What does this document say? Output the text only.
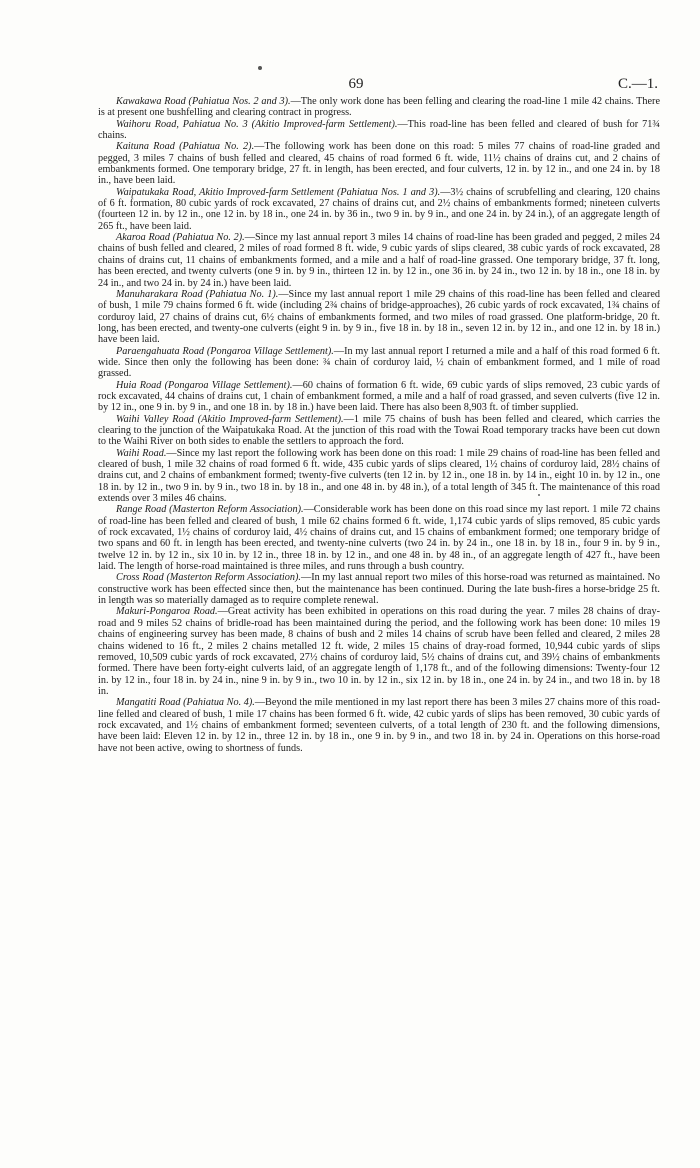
69	C.—1.

Kawakawa Road (Pahiatua Nos. 2 and 3).—The only work done has been felling and clearing the road-line 1 mile 42 chains. There is at present one bushfelling and clearing contract in progress.

Waihoru Road, Pahiatua No. 3 (Akitio Improved-farm Settlement).—This road-line has been felled and cleared of bush for 71¾ chains.

Kaituna Road (Pahiatua No. 2).—The following work has been done on this road: 5 miles 77 chains of road-line graded and pegged, 3 miles 7 chains of bush felled and cleared, 45 chains of road formed 6 ft. wide, 11½ chains of drains cut, and 2 chains of embankments formed. One temporary bridge, 27 ft. in length, has been erected, and four culverts, 12 in. by 12 in., and one 24 in. by 18 in., have been laid.

Waipatukaka Road, Akitio Improved-farm Settlement (Pahiatua Nos. 1 and 3).—3½ chains of scrubfelling and clearing, 120 chains of 6 ft. formation, 80 cubic yards of rock excavated, 27 chains of drains cut, and 2½ chains of embankments formed; nineteen culverts (fourteen 12 in. by 12 in., one 12 in. by 18 in., one 24 in. by 36 in., two 9 in. by 9 in., and one 24 in. by 24 in.), of an aggregate length of 265 ft., have been laid.

Akaroa Road (Pahiatua No. 2).—Since my last annual report 3 miles 14 chains of road-line has been graded and pegged, 2 miles 24 chains of bush felled and cleared, 2 miles of road formed 8 ft. wide, 9 cubic yards of slips cleared, 38 cubic yards of rock excavated, 28 chains of drains cut, 11 chains of embankments formed, and a mile and a half of road-line grassed. One temporary bridge, 37 ft. long, has been erected, and twenty culverts (one 9 in. by 9 in., thirteen 12 in. by 12 in., one 36 in. by 24 in., two 12 in. by 18 in., one 18 in. by 24 in., and two 24 in. by 24 in.) have been laid.

Manuharakara Road (Pahiatua No. 1).—Since my last annual report 1 mile 29 chains of this road-line has been felled and cleared of bush, 1 mile 79 chains formed 6 ft. wide (including 2¾ chains of bridge-approaches), 26 cubic yards of rock excavated, 1¾ chains of corduroy laid, 27 chains of drains cut, 6½ chains of embankments formed, and two miles of road grassed. One platform-bridge, 20 ft. long, has been erected, and twenty-one culverts (eight 9 in. by 9 in., five 18 in. by 18 in., seven 12 in. by 12 in., and one 12 in. by 18 in.) have been laid.

Paraengahuata Road (Pongaroa Village Settlement).—In my last annual report I returned a mile and a half of this road formed 6 ft. wide. Since then only the following has been done: ¾ chain of corduroy laid, ½ chain of embankment formed, and 1 mile of road grassed.

Huia Road (Pongaroa Village Settlement).—60 chains of formation 6 ft. wide, 69 cubic yards of slips removed, 23 cubic yards of rock excavated, 44 chains of drains cut, 1 chain of embankment formed, a mile and a half of road grassed, and seven culverts (five 12 in. by 12 in., one 9 in. by 9 in., and one 18 in. by 18 in.) have been laid. There has also been 8,903 ft. of timber supplied.

Waihi Valley Road (Akitio Improved-farm Settlement).—1 mile 75 chains of bush has been felled and cleared, which carries the clearing to the junction of the Waipatukaka Road. At the junction of this road with the Towai Road temporary tracks have been cut down to the Waihi River on both sides to enable the settlers to approach the ford.

Waihi Road.—Since my last report the following work has been done on this road: 1 mile 29 chains of road-line has been felled and cleared of bush, 1 mile 32 chains of road formed 6 ft. wide, 435 cubic yards of slips cleared, 1½ chains of corduroy laid, 28½ chains of drains cut, and 2 chains of embankment formed; twenty-five culverts (ten 12 in. by 12 in., one 18 in. by 14 in., eight 10 in. by 12 in., one 18 in. by 12 in., two 9 in. by 9 in., two 18 in. by 18 in., and one 48 in. by 48 in.), of a total length of 345 ft. The maintenance of this road extends over 3 miles 46 chains.

Range Road (Masterton Reform Association).—Considerable work has been done on this road since my last report. 1 mile 72 chains of road-line has been felled and cleared of bush, 1 mile 62 chains formed 6 ft. wide, 1,174 cubic yards of slips removed, 85 cubic yards of rock excavated, 1½ chains of corduroy laid, 4½ chains of drains cut, and 15 chains of embankment formed; one temporary bridge of two spans and 60 ft. in length has been erected, and twenty-nine culverts (two 24 in. by 24 in., one 18 in. by 18 in., four 9 in. by 9 in., twelve 12 in. by 12 in., six 10 in. by 12 in., three 18 in. by 12 in., and one 48 in. by 48 in., of an aggregate length of 427 ft., have been laid. The length of horse-road maintained is three miles, and runs through a bush country.

Cross Road (Masterton Reform Association).—In my last annual report two miles of this horse-road was returned as maintained. No constructive work has been effected since then, but the maintenance has been continued. During the late bush-fires a horse-bridge 25 ft. in length was so materially damaged as to require complete renewal.

Makuri-Pongaroa Road.—Great activity has been exhibited in operations on this road during the year. 7 miles 28 chains of dray-road and 9 miles 52 chains of bridle-road has been maintained during the period, and the following work has been done: 10 miles 19 chains of engineering survey has been made, 8 chains of bush and 2 miles 14 chains of scrub have been felled and cleared, 2 miles 28 chains widened to 16 ft., 2 miles 2 chains metalled 12 ft. wide, 2 miles 15 chains of dray-road formed, 10,944 cubic yards of slips removed, 10,509 cubic yards of rock excavated, 27½ chains of corduroy laid, 5½ chains of drains cut, and 39½ chains of embankments formed. There have been forty-eight culverts laid, of an aggregate length of 1,178 ft., and of the following dimensions: Twenty-four 12 in. by 12 in., four 18 in. by 24 in., nine 9 in. by 9 in., two 10 in. by 12 in., six 12 in. by 18 in., one 24 in. by 24 in., and two 18 in. by 18 in.

Mangatiti Road (Pahiatua No. 4).—Beyond the mile mentioned in my last report there has been 3 miles 27 chains more of this road-line felled and cleared of bush, 1 mile 17 chains has been formed 6 ft. wide, 42 cubic yards of slips has been removed, 30 cubic yards of rock excavated, and 1½ chains of embankment formed; seventeen culverts, of a total length of 230 ft. and the following dimensions, have been laid: Eleven 12 in. by 12 in., three 12 in. by 18 in., one 9 in. by 9 in., and two 18 in. by 24 in. Operations on this horse-road have not been active, owing to shortness of funds.
